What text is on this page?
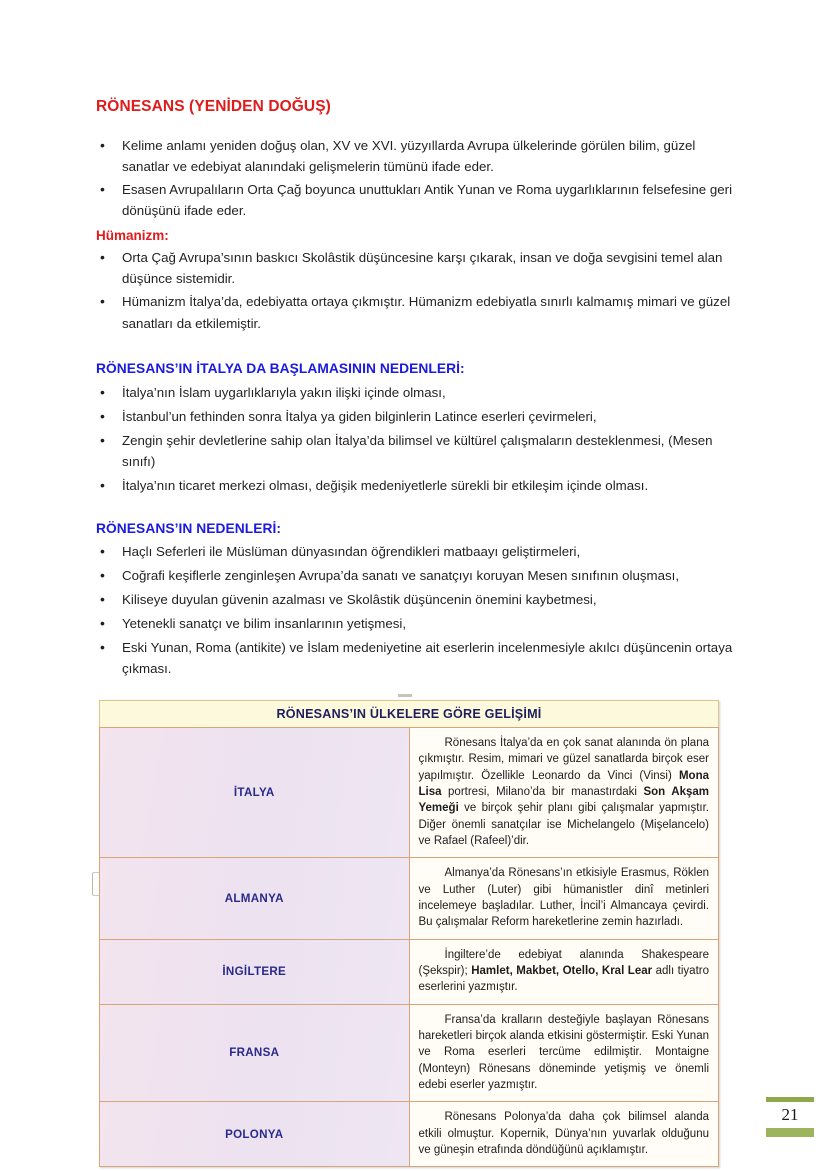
RÖNESANS (YENİDEN DOĞUŞ)
• Kelime anlamı yeniden doğuş olan, XV ve XVI. yüzyıllarda Avrupa ülkelerinde görülen bilim, güzel sanatlar ve edebiyat alanındaki gelişmelerin tümünü ifade eder.
• Esasen Avrupalıların Orta Çağ boyunca unuttukları Antik Yunan ve Roma uygarlıklarının felsefesine geri dönüşünü ifade eder.
Hümanizm:
• Orta Çağ Avrupa’sının baskıcı Skolâstik düşüncesine karşı çıkarak, insan ve doğa sevgisini temel alan düşünce sistemidir.
• Hümanizm İtalya’da, edebiyatta ortaya çıkmıştır. Hümanizm edebiyatla sınırlı kalmamış mimari ve güzel sanatları da etkilemiştir.
RÖNESANS’IN İTALYA DA BAŞLAMASININ NEDENLERİ:
• İtalya’nın İslam uygarlıklarıyla yakın ilişki içinde olması,
• İstanbul’un fethinden sonra İtalya ya giden bilginlerin Latince eserleri çevirmeleri,
• Zengin şehir devletlerine sahip olan İtalya’da bilimsel ve kültürel çalışmaların desteklenmesi, (Mesen sınıfı)
• İtalya’nın ticaret merkezi olması, değişik medeniyetlerle sürekli bir etkileşim içinde olması.
RÖNESANS’IN NEDENLERİ:
• Haçlı Seferleri ile Müslüman dünyasından öğrendikleri matbaayı geliştirmeleri,
• Coğrafi keşiflerle zenginleşen Avrupa’da sanatı ve sanatçıyı koruyan Mesen sınıfının oluşması,
• Kiliseye duyulan güvenin azalması ve Skolâstik düşüncenin önemini kaybetmesi,
• Yetenekli sanatçı ve bilim insanlarının yetişmesi,
• Eski Yunan, Roma (antikite) ve İslam medeniyetine ait eserlerin incelenmesiyle akılcı düşüncenin ortaya çıkması.
RÖNESANS’IN ÜLKELERE GÖRE GELİŞİMİ	
İTALYA	Rönesans İtalya’da en çok sanat alanında ön plana çıkmıştır. Resim, mimari ve güzel sanatlarda birçok eser yapılmıştır. Özellikle Leonardo da Vinci (Vinsi) Mona Lisa portresi, Milano’da bir manastırdaki Son Akşam Yemeği ve birçok şehir planı gibi çalışmalar yapmıştır. Diğer önemli sanatçılar ise Michelangelo (Mişelancelo) ve Rafael (Rafeel)’dir.
ALMANYA	Almanya’da Rönesans’ın etkisiyle Erasmus, Röklen ve Luther (Luter) gibi hümanistler dinî metinleri incelemeye başladılar. Luther, İncil’i Almancaya çevirdi. Bu çalışmalar Reform hareketlerine zemin hazırladı.
İNGİLTERE	İngiltere’de edebiyat alanında Shakespeare (Şekspir); Hamlet, Makbet, Otello, Kral Lear adlı tiyatro eserlerini yazmıştır.
FRANSA	Fransa’da kralların desteğiyle başlayan Rönesans hareketleri birçok alanda etkisini göstermiştir. Eski Yunan ve Roma eserleri tercüme edilmiştir. Montaigne (Monteyn) Rönesans döneminde yetişmiş ve önemli edebi eserler yazmıştır.
POLONYA	Rönesans Polonya’da daha çok bilimsel alanda etkili olmuştur. Kopernik, Dünya’nın yuvarlak olduğunu ve güneşin etrafında döndüğünü açıklamıştır.
21
